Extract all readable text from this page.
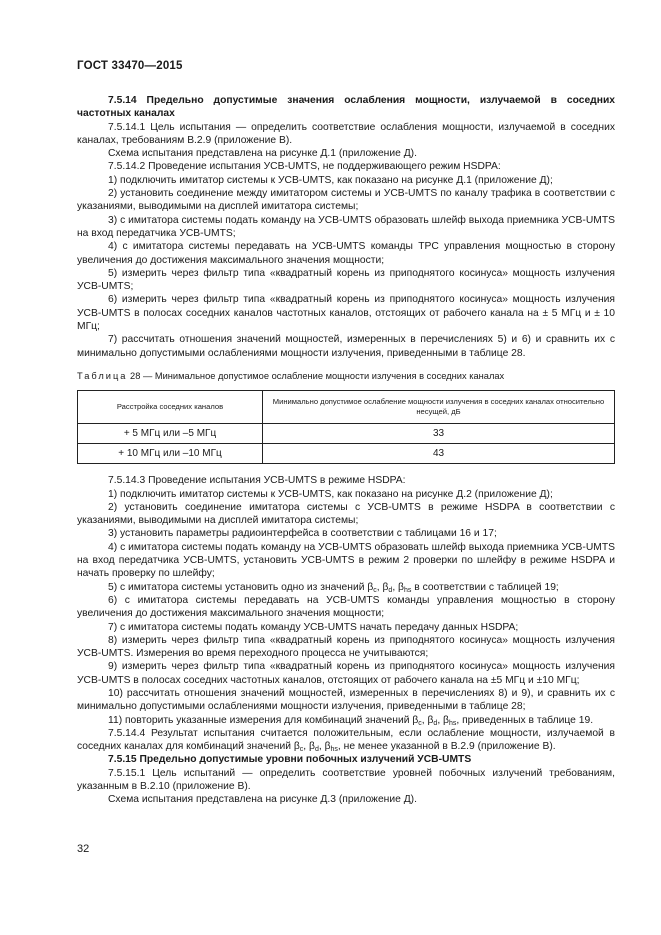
ГОСТ 33470—2015

7.5.14 Предельно допустимые значения ослабления мощности, излучаемой в соседних частотных каналах

7.5.14.1 Цель испытания — определить соответствие ослабления мощности, излучаемой в соседних каналах, требованиям В.2.9 (приложение В).

Схема испытания представлена на рисунке Д.1 (приложение Д).

7.5.14.2 Проведение испытания УСВ-UMTS, не поддерживающего режим HSDPA:

1) подключить имитатор системы к УСВ-UMTS, как показано на рисунке Д.1 (приложение Д);

2) установить соединение между имитатором системы и УСВ-UMTS по каналу трафика в соответствии с указаниями, выводимыми на дисплей имитатора системы;

3) с имитатора системы подать команду на УСВ-UMTS образовать шлейф выхода приемника УСВ-UMTS на вход передатчика УСВ-UMTS;

4) с имитатора системы передавать на УСВ-UMTS команды TPC управления мощностью в сторону увеличения до достижения максимального значения мощности;

5) измерить через фильтр типа «квадратный корень из приподнятого косинуса» мощность излучения УСВ-UMTS;

6) измерить через фильтр типа «квадратный корень из приподнятого косинуса» мощность излучения УСВ-UMTS в полосах соседних каналов частотных каналов, отстоящих от рабочего канала на ± 5 МГц и ± 10 МГц;

7) рассчитать отношения значений мощностей, измеренных в перечислениях 5) и 6) и сравнить их с минимально допустимыми ослаблениями мощности излучения, приведенными в таблице 28.

Таблица 28 — Минимальное допустимое ослабление мощности излучения в соседних каналах
Расстройка соседних каналов	Минимально допустимое ослабление мощности излучения в соседних каналах относительно несущей, дБ
+ 5 МГц или –5 МГц	33
+ 10 МГц или –10 МГц	43

7.5.14.3 Проведение испытания УСВ-UMTS в режиме HSDPA:

1) подключить имитатор системы к УСВ-UMTS, как показано на рисунке Д.2 (приложение Д);

2) установить соединение имитатора системы с УСВ-UMTS в режиме HSDPA в соответствии с указаниями, выводимыми на дисплей имитатора системы;

3) установить параметры радиоинтерфейса в соответствии с таблицами 16 и 17;

4) с имитатора системы подать команду на УСВ-UMTS образовать шлейф выхода приемника УСВ-UMTS на вход передатчика УСВ-UMTS, установить УСВ-UMTS в режим 2 проверки по шлейфу в режиме HSDPA и начать проверку по шлейфу;

5) с имитатора системы установить одно из значений $\beta_c$, $\beta_d$, $\beta_{hs}$ в соответствии с таблицей 19;

6) с имитатора системы передавать на УСВ-UMTS команды управления мощностью в сторону увеличения до достижения максимального значения мощности;

7) с имитатора системы подать команду УСВ-UMTS начать передачу данных HSDPA;

8) измерить через фильтр типа «квадратный корень из приподнятого косинуса» мощность излучения УСВ-UMTS. Измерения во время переходного процесса не учитываются;

9) измерить через фильтр типа «квадратный корень из приподнятого косинуса» мощность излучения УСВ-UMTS в полосах соседних частотных каналов, отстоящих от рабочего канала на ±5 МГц и ±10 МГц;

10) рассчитать отношения значений мощностей, измеренных в перечислениях 8) и 9), и сравнить их с минимально допустимыми ослаблениями мощности излучения, приведенными в таблице 28;

11) повторить указанные измерения для комбинаций значений $\beta_c$, $\beta_d$, $\beta_{hs}$, приведенных в таблице 19.

7.5.14.4 Результат испытания считается положительным, если ослабление мощности, излучаемой в соседних каналах для комбинаций значений $\beta_c$, $\beta_d$, $\beta_{hs}$, не менее указанной в В.2.9 (приложение В).

7.5.15 Предельно допустимые уровни побочных излучений УСВ-UMTS

7.5.15.1 Цель испытаний — определить соответствие уровней побочных излучений требованиям, указанным в В.2.10 (приложение В).

Схема испытания представлена на рисунке Д.3 (приложение Д).

32
